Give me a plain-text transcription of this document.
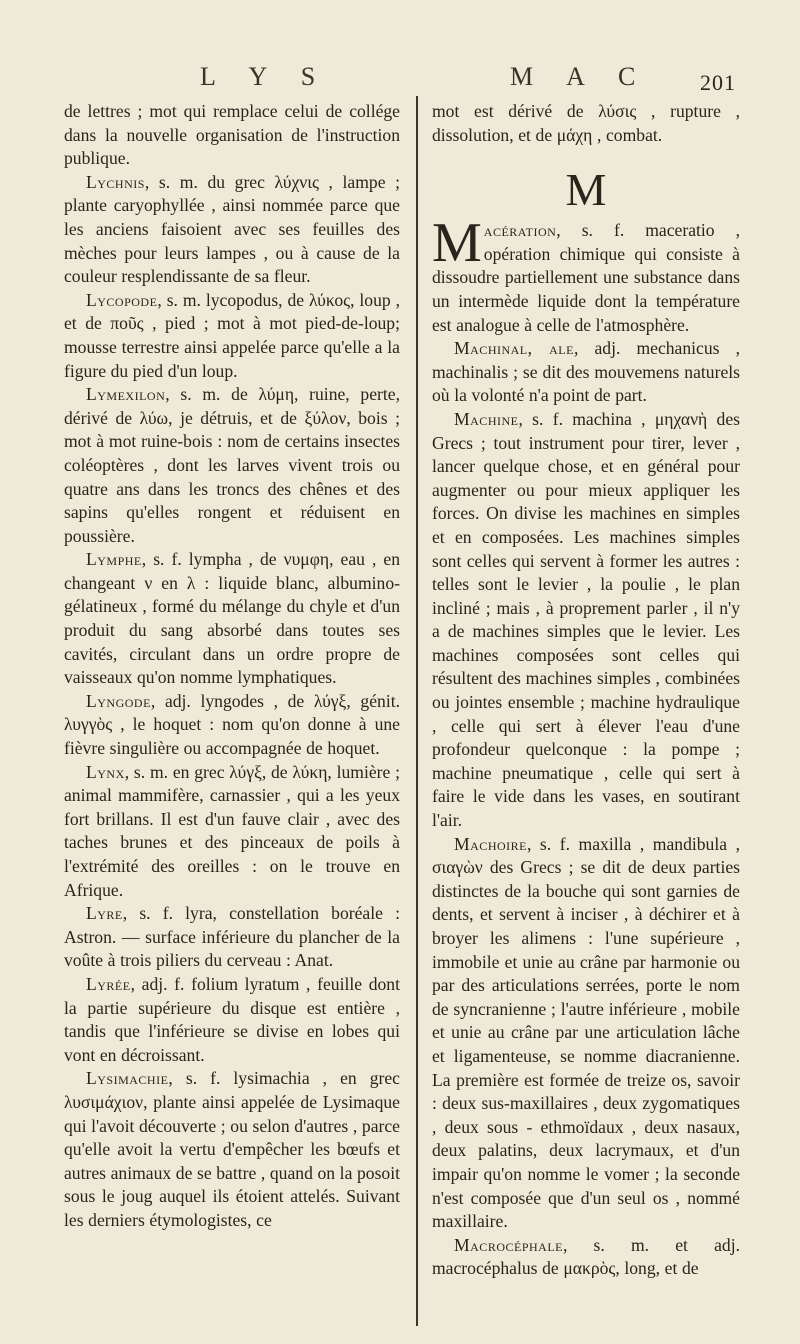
L Y S	M A C 201

de lettres ; mot qui remplace celui de collége dans la nouvelle organisation de l'instruction publique.

Lychnis, s. m. du grec λύχνις , lampe ; plante caryophyllée , ainsi nommée parce que les anciens faisoient avec ses feuilles des mèches pour leurs lampes , ou à cause de la couleur resplendissante de sa fleur.

Lycopode, s. m. lycopodus, de λύκος, loup , et de ποῦς , pied ; mot à mot pied-de-loup; mousse terrestre ainsi appelée parce qu'elle a la figure du pied d'un loup.

Lymexilon, s. m. de λύμη, ruine, perte, dérivé de λύω, je détruis, et de ξύλον, bois ; mot à mot ruine-bois : nom de certains insectes coléoptères , dont les larves vivent trois ou quatre ans dans les troncs des chênes et des sapins qu'elles rongent et réduisent en poussière.

Lymphe, s. f. lympha , de νυμφη, eau , en changeant ν en λ : liquide blanc, albumino-gélatineux , formé du mélange du chyle et d'un produit du sang absorbé dans toutes ses cavités, circulant dans un ordre propre de vaisseaux qu'on nomme lymphatiques.

Lyngode, adj. lyngodes , de λύγξ, génit. λυγγὸς , le hoquet : nom qu'on donne à une fièvre singulière ou accompagnée de hoquet.

Lynx, s. m. en grec λύγξ, de λύκη, lumière ; animal mammifère, carnassier , qui a les yeux fort brillans. Il est d'un fauve clair , avec des taches brunes et des pinceaux de poils à l'extrémité des oreilles : on le trouve en Afrique.

Lyre, s. f. lyra, constellation boréale : Astron. — surface inférieure du plancher de la voûte à trois piliers du cerveau : Anat.

Lyrée, adj. f. folium lyratum , feuille dont la partie supérieure du disque est entière , tandis que l'inférieure se divise en lobes qui vont en décroissant.

Lysimachie, s. f. lysimachia , en grec λυσιμάχιον, plante ainsi appelée de Lysimaque qui l'avoit découverte ; ou selon d'autres , parce qu'elle avoit la vertu d'empêcher les bœufs et autres animaux de se battre , quand on la posoit sous le joug auquel ils étoient attelés. Suivant les derniers étymologistes, ce

mot est dérivé de λύσις , rupture , dissolution, et de μάχη , combat.

M

Macération, s. f. maceratio , opération chimique qui consiste à dissoudre partiellement une substance dans un intermède liquide dont la température est analogue à celle de l'atmosphère.

Machinal, ale, adj. mechanicus , machinalis ; se dit des mouvemens naturels où la volonté n'a point de part.

Machine, s. f. machina , μηχανὴ des Grecs ; tout instrument pour tirer, lever , lancer quelque chose, et en général pour augmenter ou pour mieux appliquer les forces. On divise les machines en simples et en composées. Les machines simples sont celles qui servent à former les autres : telles sont le levier , la poulie , le plan incliné ; mais , à proprement parler , il n'y a de machines simples que le levier. Les machines composées sont celles qui résultent des machines simples , combinées ou jointes ensemble ; machine hydraulique , celle qui sert à élever l'eau d'une profondeur quelconque : la pompe ; machine pneumatique , celle qui sert à faire le vide dans les vases, en soutirant l'air.

Machoire, s. f. maxilla , mandibula , σιαγὼν des Grecs ; se dit de deux parties distinctes de la bouche qui sont garnies de dents, et servent à inciser , à déchirer et à broyer les alimens : l'une supérieure , immobile et unie au crâne par harmonie ou par des articulations serrées, porte le nom de syncranienne ; l'autre inférieure , mobile et unie au crâne par une articulation lâche et ligamenteuse, se nomme diacranienne. La première est formée de treize os, savoir : deux sus-maxillaires , deux zygomatiques , deux sous - ethmoïdaux , deux nasaux, deux palatins, deux lacrymaux, et d'un impair qu'on nomme le vomer ; la seconde n'est composée que d'un seul os , nommé maxillaire.

Macrocéphale, s. m. et adj. macrocéphalus de μακρὸς, long, et de
